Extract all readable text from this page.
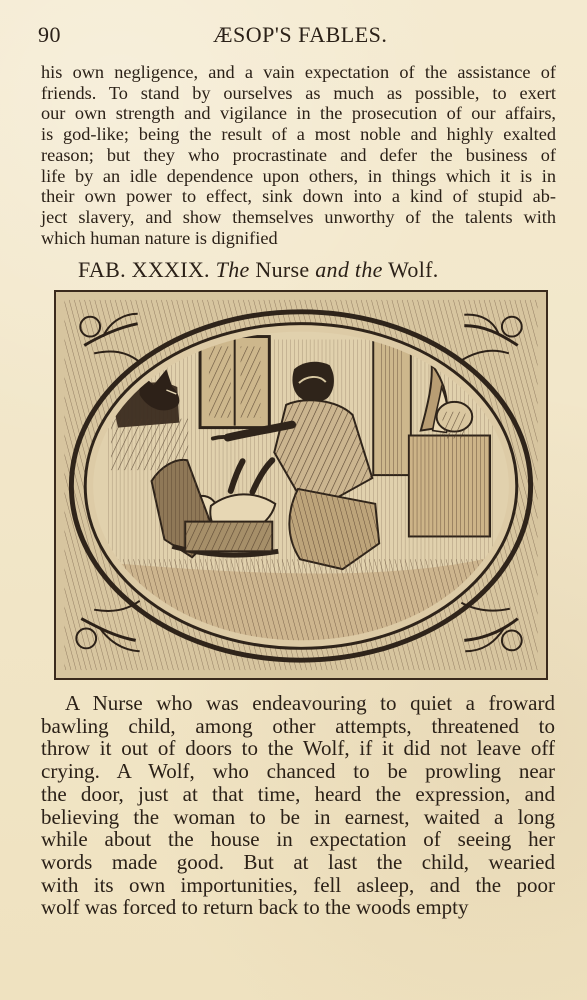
90	ÆSOP'S FABLES.
his own negligence, and a vain expectation of the assistance of
friends. To stand by ourselves as much as possible, to exert
our own strength and vigilance in the prosecution of our affairs,
is god-like; being the result of a most noble and highly exalted
reason; but they who procrastinate and defer the business of
life by an idle dependence upon others, in things which it is in
their own power to effect, sink down into a kind of stupid ab-
ject slavery, and show themselves unworthy of the talents with
which human nature is dignified
FAB. XXXIX. The Nurse and the Wolf.
A Nurse who was endeavouring to quiet a froward
bawling child, among other attempts, threatened to
throw it out of doors to the Wolf, if it did not leave off
crying. A Wolf, who chanced to be prowling near
the door, just at that time, heard the expression, and
believing the woman to be in earnest, waited a long
while about the house in expectation of seeing her
words made good. But at last the child, wearied
with its own importunities, fell asleep, and the poor
wolf was forced to return back to the woods empty
